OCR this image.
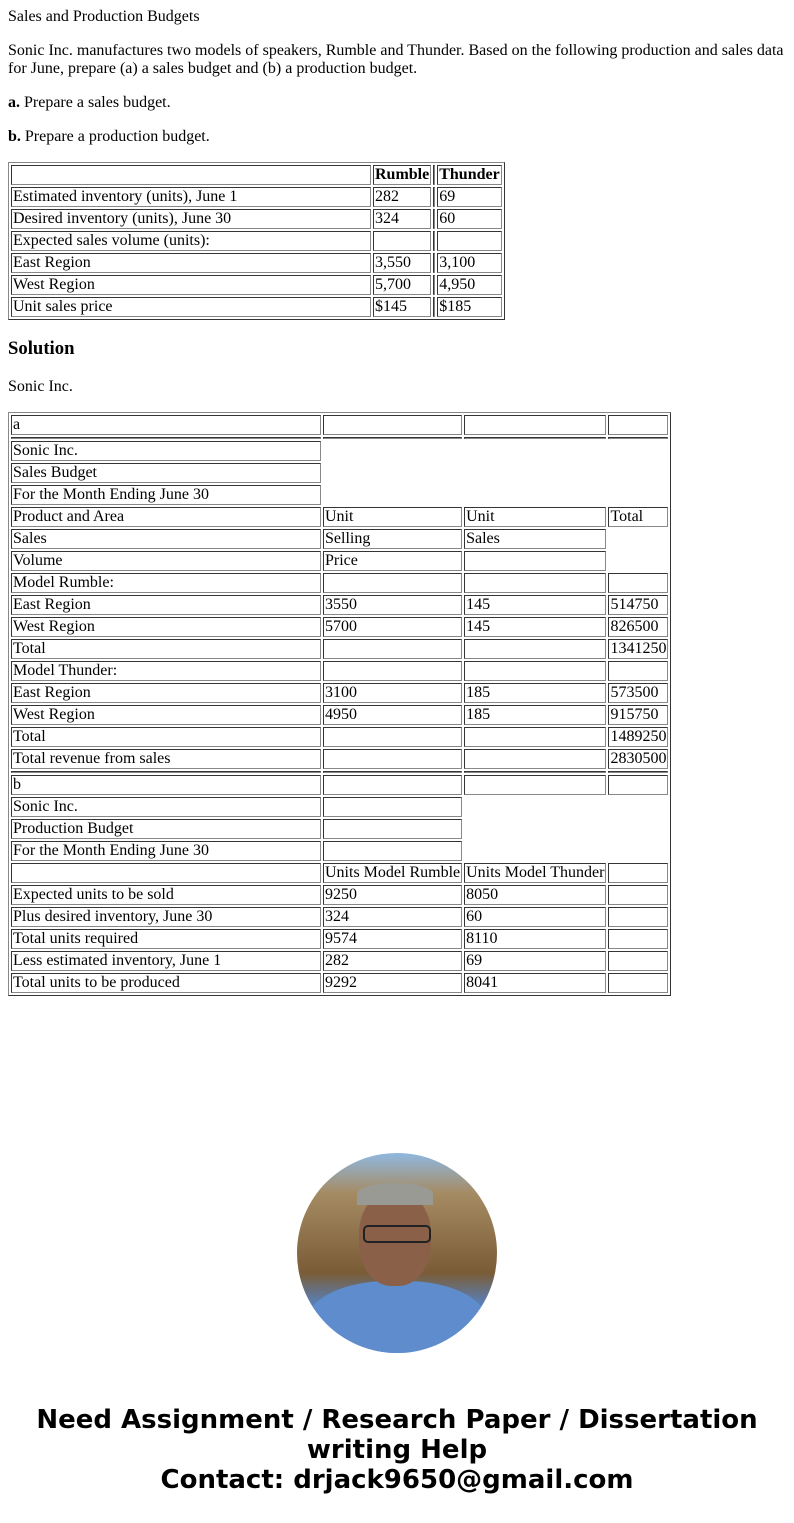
Sales and Production Budgets

Sonic Inc. manufactures two models of speakers, Rumble and Thunder. Based on the following production and sales data for June, prepare (a) a sales budget and (b) a production budget.

a. Prepare a sales budget.

b. Prepare a production budget.

	Rumble		Thunder
Estimated inventory (units), June 1	282		69
Desired inventory (units), June 30	324		60
Expected sales volume (units):			
East Region	3,550		3,100
West Region	5,700		4,950
Unit sales price	$145		$185
Solution

Sonic Inc.

a			

Sonic Inc.			
Sales Budget			
For the Month Ending June 30			
Product and Area	Unit	Unit	Total
Sales	Selling	Sales	
Volume	Price		
Model Rumble:			
East Region	3550	145	514750
West Region	5700	145	826500
Total			1341250
Model Thunder:			
East Region	3100	185	573500
West Region	4950	185	915750
Total			1489250
Total revenue from sales			2830500

b			
Sonic Inc.			
Production Budget			
For the Month Ending June 30			
	Units Model Rumble	Units Model Thunder	
Expected units to be sold	9250	8050	
Plus desired inventory, June 30	324	60	
Total units required	9574	8110	
Less estimated inventory, June 1	282	69	
Total units to be produced	9292	8041	
Need Assignment / Research Paper / Dissertation writing Help
Contact: drjack9650@gmail.com
